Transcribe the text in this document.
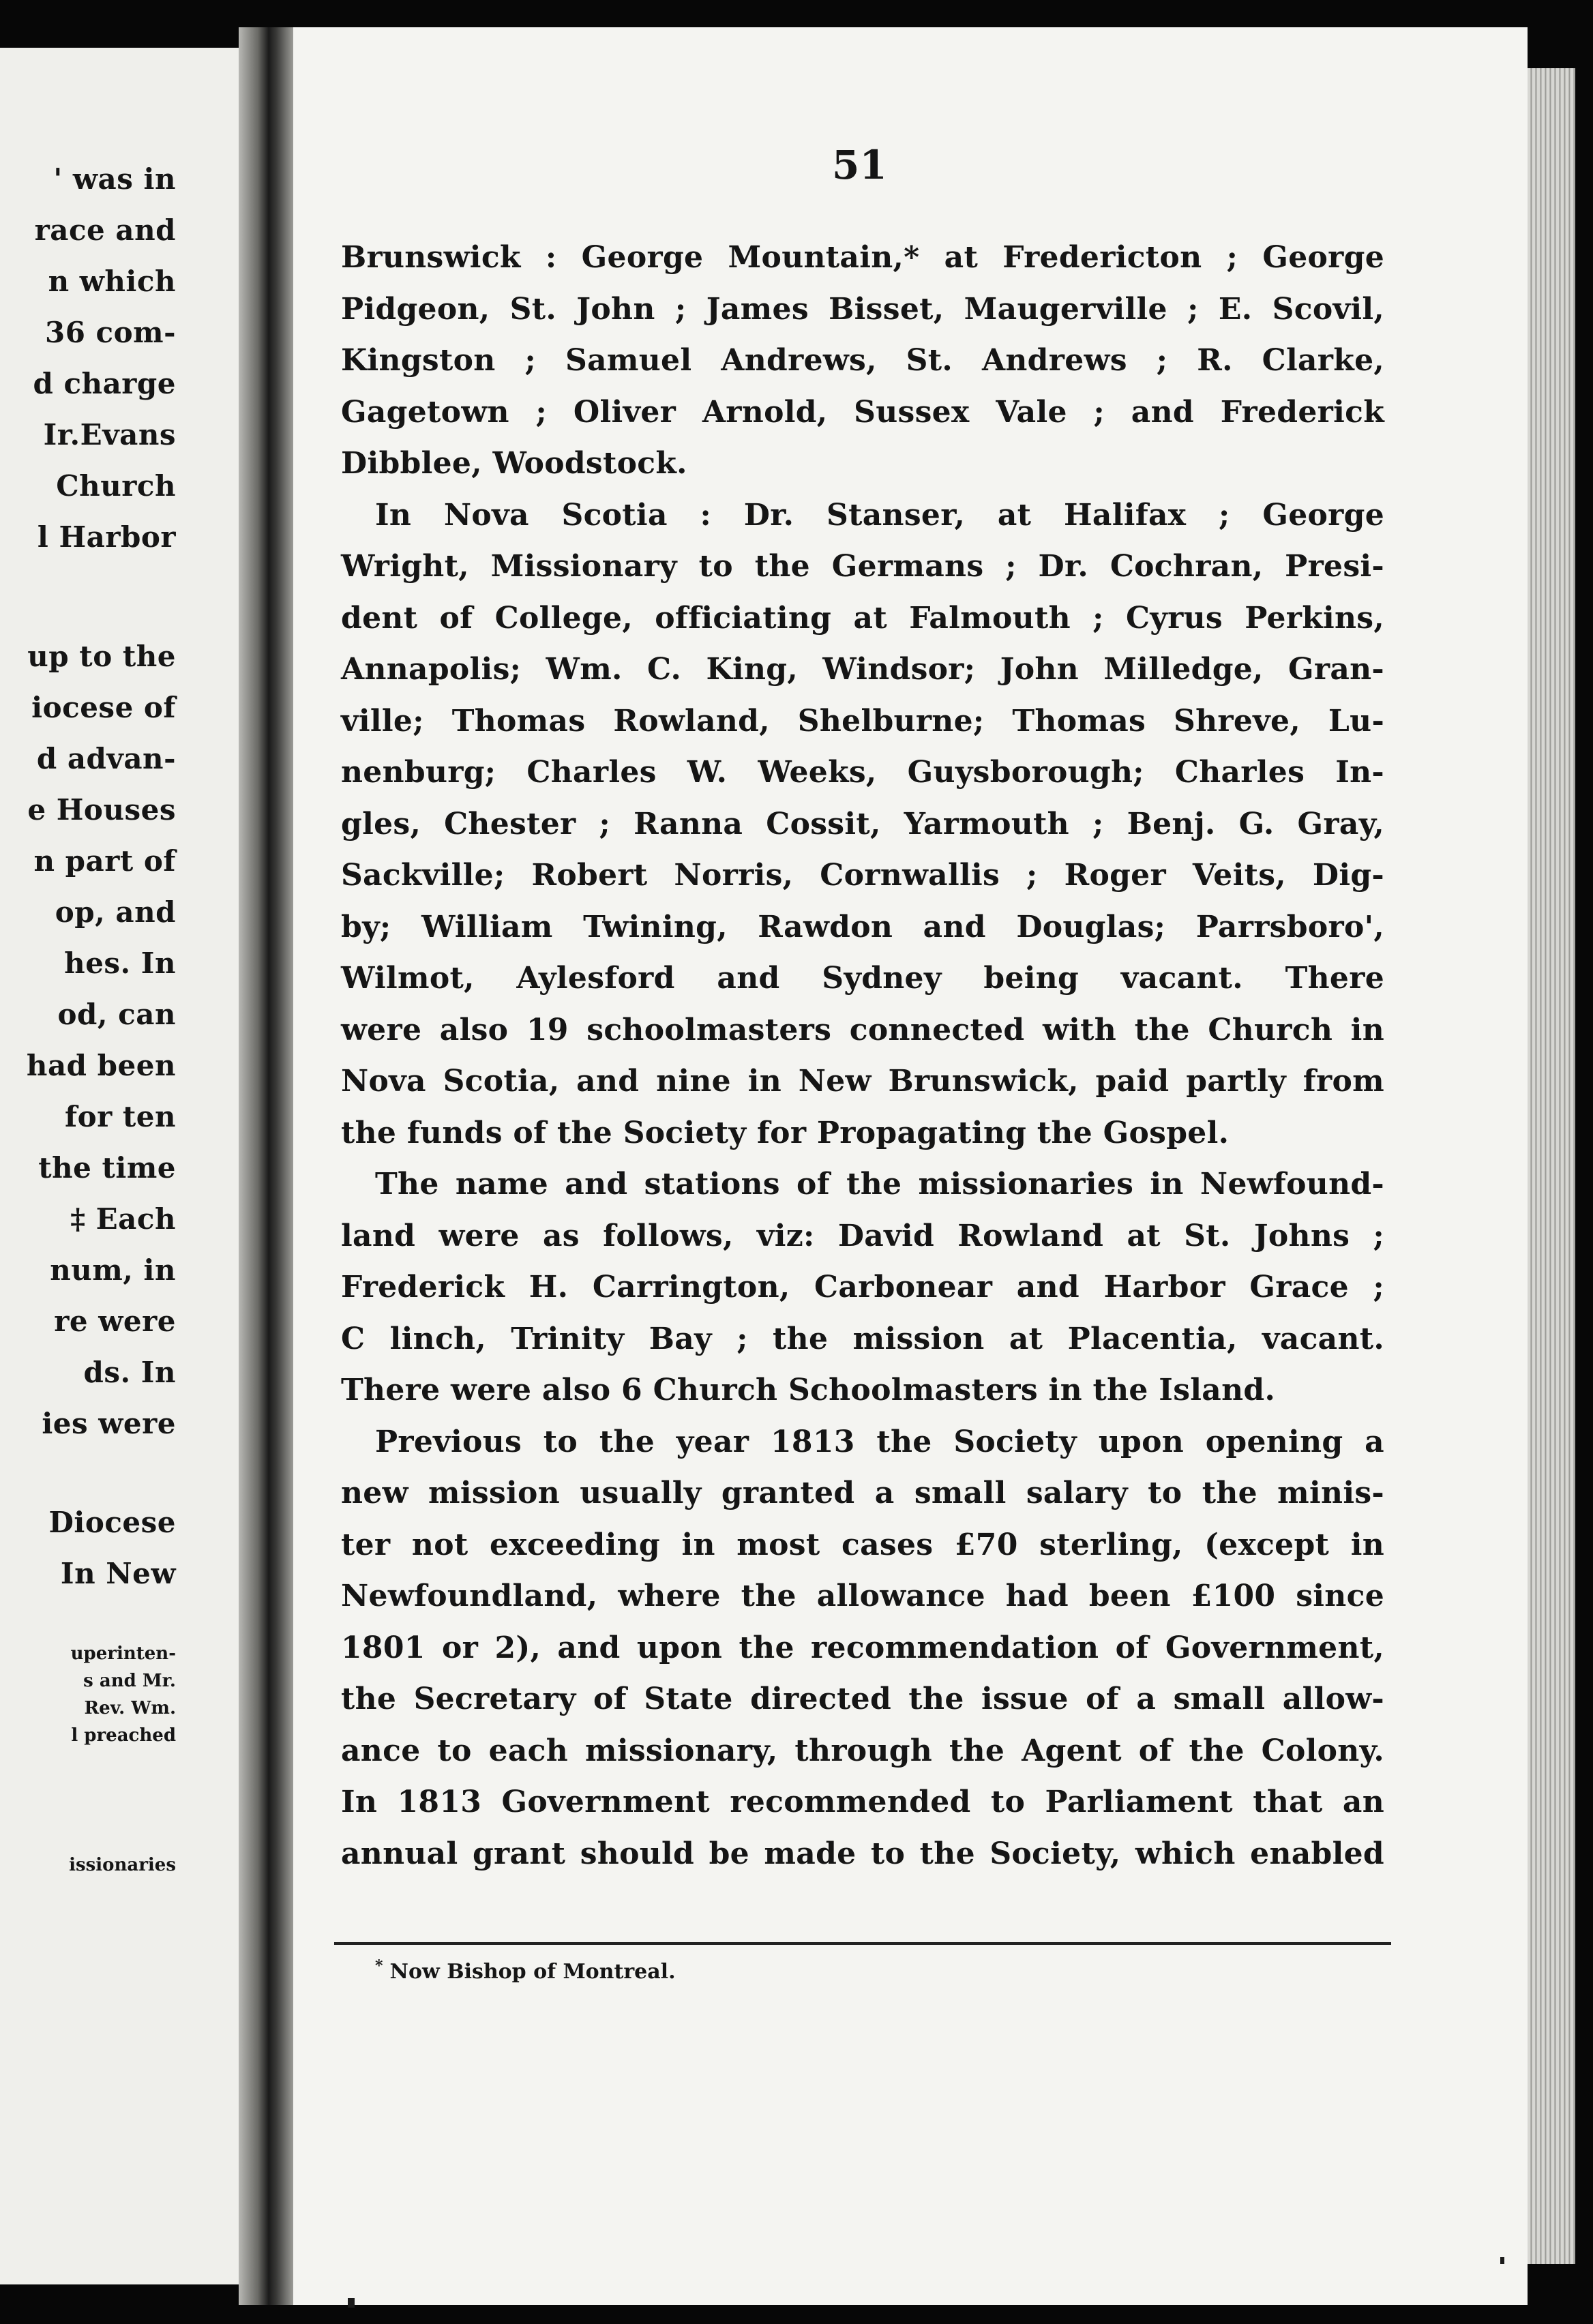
' was in
race and
n which
36 com-
d charge
Ir.Evans
Church
l Harbor
up to the
iocese of
d advan-
e Houses
n part of
op, and
hes. In
od, can
had been
for ten
the time
‡ Each
num, in
re were
ds. In
ies were
Diocese
In New
uperinten-
s and Mr.
Rev. Wm.
l preached
issionaries
51
Brunswick : George Mountain,* at Fredericton ; George
Pidgeon, St. John ; James Bisset, Maugerville ; E. Scovil,
Kingston ; Samuel Andrews, St. Andrews ; R. Clarke,
Gagetown ; Oliver Arnold, Sussex Vale ; and Frederick
Dibblee, Woodstock.
In Nova Scotia : Dr. Stanser, at Halifax ; George
Wright, Missionary to the Germans ; Dr. Cochran, Presi-
dent of College, officiating at Falmouth ; Cyrus Perkins,
Annapolis; Wm. C. King, Windsor; John Milledge, Gran-
ville; Thomas Rowland, Shelburne; Thomas Shreve, Lu-
nenburg; Charles W. Weeks, Guysborough; Charles In-
gles, Chester ; Ranna Cossit, Yarmouth ; Benj. G. Gray,
Sackville; Robert Norris, Cornwallis ; Roger Veits, Dig-
by; William Twining, Rawdon and Douglas; Parrsboro',
Wilmot, Aylesford and Sydney being vacant. There
were also 19 schoolmasters connected with the Church in
Nova Scotia, and nine in New Brunswick, paid partly from
the funds of the Society for Propagating the Gospel.
The name and stations of the missionaries in Newfound-
land were as follows, viz: David Rowland at St. Johns ;
Frederick H. Carrington, Carbonear and Harbor Grace ;
C linch, Trinity Bay ; the mission at Placentia, vacant.
There were also 6 Church Schoolmasters in the Island.
Previous to the year 1813 the Society upon opening a
new mission usually granted a small salary to the minis-
ter not exceeding in most cases £70 sterling, (except in
Newfoundland, where the allowance had been £100 since
1801 or 2), and upon the recommendation of Government,
the Secretary of State directed the issue of a small allow-
ance to each missionary, through the Agent of the Colony.
In 1813 Government recommended to Parliament that an
annual grant should be made to the Society, which enabled
* Now Bishop of Montreal.
